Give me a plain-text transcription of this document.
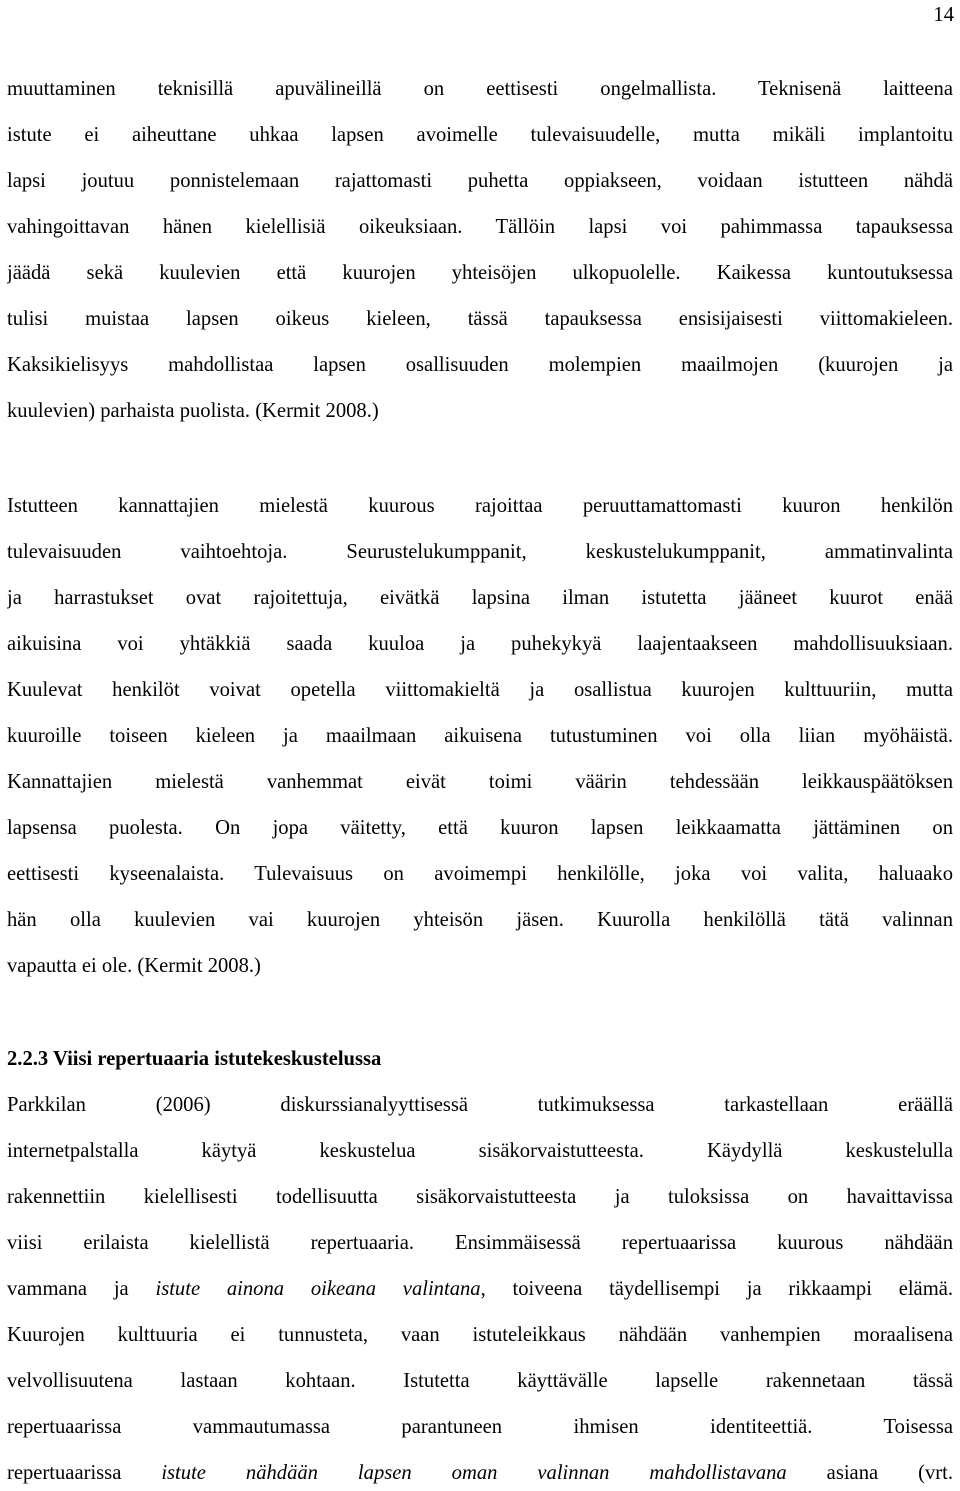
14
muuttaminen teknisillä apuvälineillä on eettisesti ongelmallista. Teknisenä laitteena
istute ei aiheuttane uhkaa lapsen avoimelle tulevaisuudelle, mutta mikäli implantoitu
lapsi joutuu ponnistelemaan rajattomasti puhetta oppiakseen, voidaan istutteen nähdä
vahingoittavan hänen kielellisiä oikeuksiaan. Tällöin lapsi voi pahimmassa tapauksessa
jäädä sekä kuulevien että kuurojen yhteisöjen ulkopuolelle. Kaikessa kuntoutuksessa
tulisi muistaa lapsen oikeus kieleen, tässä tapauksessa ensisijaisesti viittomakieleen.
Kaksikielisyys mahdollistaa lapsen osallisuuden molempien maailmojen (kuurojen ja
kuulevien) parhaista puolista. (Kermit 2008.)
Istutteen kannattajien mielestä kuurous rajoittaa peruuttamattomasti kuuron henkilön
tulevaisuuden vaihtoehtoja. Seurustelukumppanit, keskustelukumppanit, ammatinvalinta
ja harrastukset ovat rajoitettuja, eivätkä lapsina ilman istutetta jääneet kuurot enää
aikuisina voi yhtäkkiä saada kuuloa ja puhekykyä laajentaakseen mahdollisuuksiaan.
Kuulevat henkilöt voivat opetella viittomakieltä ja osallistua kuurojen kulttuuriin, mutta
kuuroille toiseen kieleen ja maailmaan aikuisena tutustuminen voi olla liian myöhäistä.
Kannattajien mielestä vanhemmat eivät toimi väärin tehdessään leikkauspäätöksen
lapsensa puolesta. On jopa väitetty, että kuuron lapsen leikkaamatta jättäminen on
eettisesti kyseenalaista. Tulevaisuus on avoimempi henkilölle, joka voi valita, haluaako
hän olla kuulevien vai kuurojen yhteisön jäsen. Kuurolla henkilöllä tätä valinnan
vapautta ei ole. (Kermit 2008.)
2.2.3 Viisi repertuaaria istutekeskustelussa
Parkkilan (2006) diskurssianalyyttisessä tutkimuksessa tarkastellaan eräällä
internetpalstalla käytyä keskustelua sisäkorvaistutteesta. Käydyllä keskustelulla
rakennettiin kielellisesti todellisuutta sisäkorvaistutteesta ja tuloksissa on havaittavissa
viisi erilaista kielellistä repertuaaria. Ensimmäisessä repertuaarissa kuurous nähdään
vammana ja istute ainona oikeana valintana, toiveena täydellisempi ja rikkaampi elämä.
Kuurojen kulttuuria ei tunnusteta, vaan istuteleikkaus nähdään vanhempien moraalisena
velvollisuutena lastaan kohtaan. Istutetta käyttävälle lapselle rakennetaan tässä
repertuaarissa vammautumassa parantuneen ihmisen identiteettiä. Toisessa
repertuaarissa istute nähdään lapsen oman valinnan mahdollistavana asiana (vrt.
